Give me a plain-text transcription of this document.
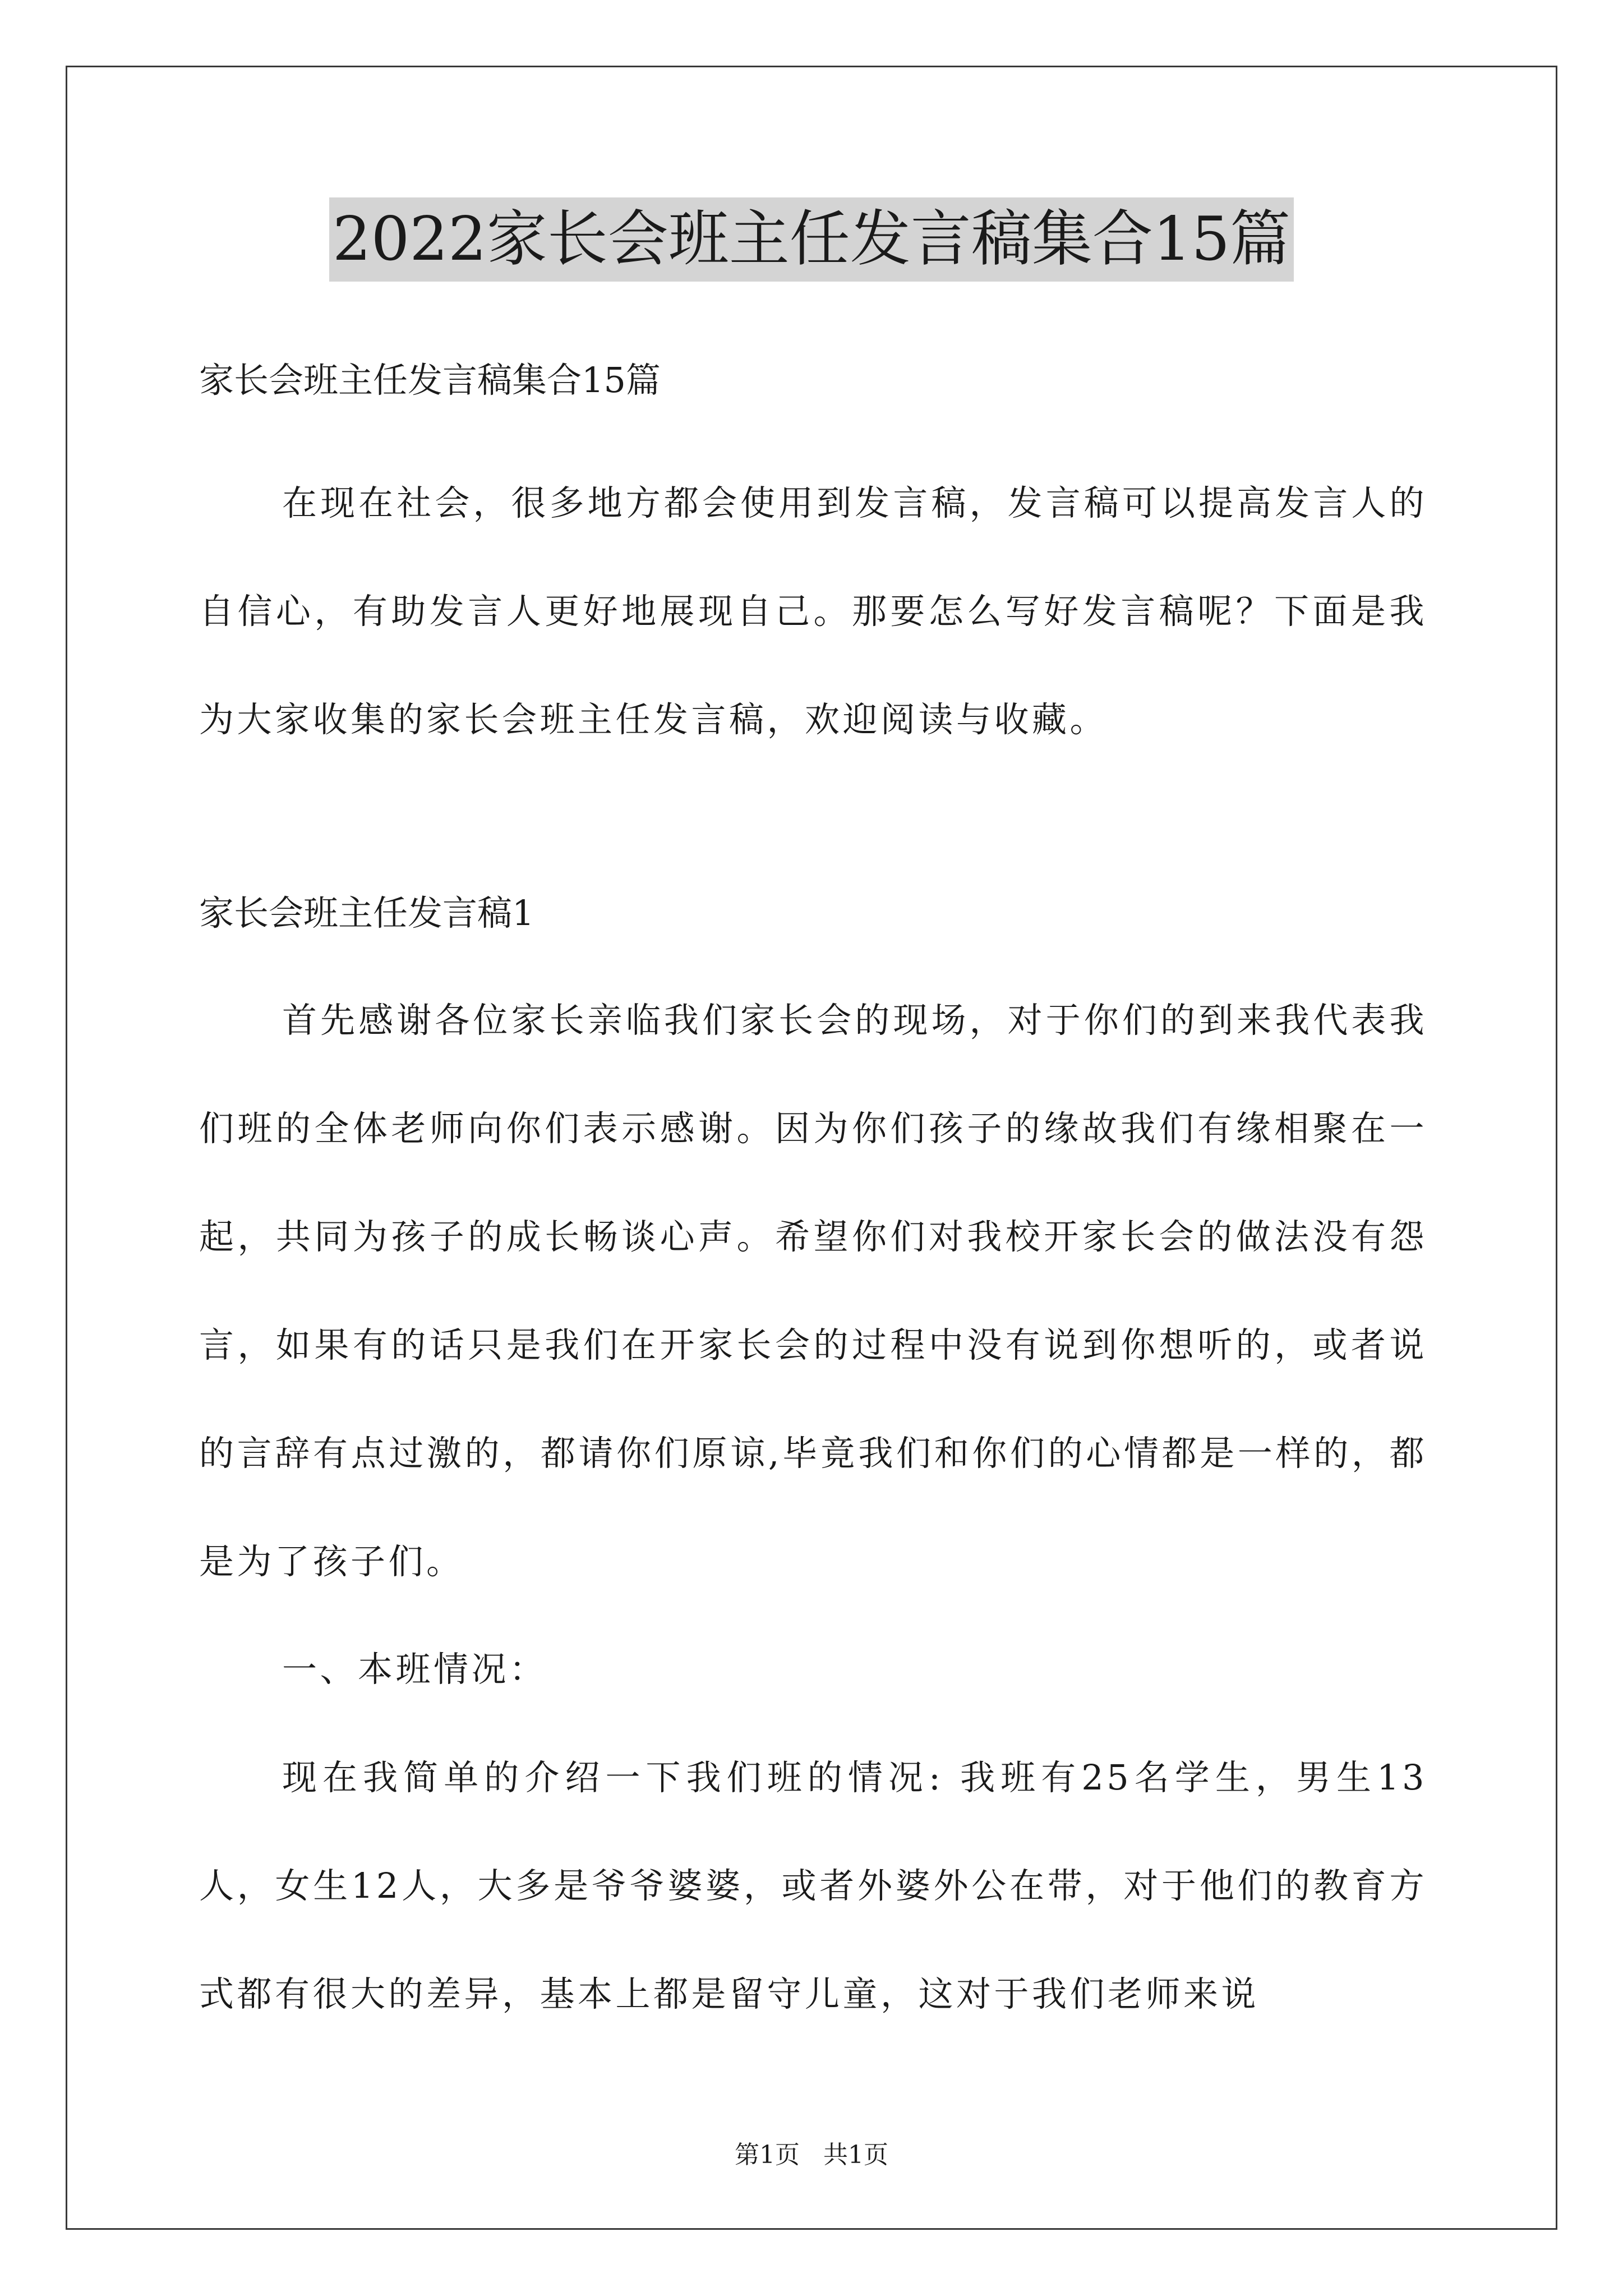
2022家长会班主任发言稿集合15篇
家长会班主任发言稿集合15篇
在现在社会，很多地方都会使用到发言稿，发言稿可以提高发言人的自信心，有助发言人更好地展现自己。那要怎么写好发言稿呢？下面是我为大家收集的家长会班主任发言稿，欢迎阅读与收藏。
家长会班主任发言稿1
首先感谢各位家长亲临我们家长会的现场，对于你们的到来我代表我们班的全体老师向你们表示感谢。因为你们孩子的缘故我们有缘相聚在一起，共同为孩子的成长畅谈心声。希望你们对我校开家长会的做法没有怨言，如果有的话只是我们在开家长会的过程中没有说到你想听的，或者说的言辞有点过激的，都请你们原谅,毕竟我们和你们的心情都是一样的，都是为了孩子们。
一、本班情况：
现在我简单的介绍一下我们班的情况: 我班有25名学生，男生13人，女生12人，大多是爷爷婆婆，或者外婆外公在带，对于他们的教育方式都有很大的差异，基本上都是留守儿童，这对于我们老师来说
第1页 共1页
